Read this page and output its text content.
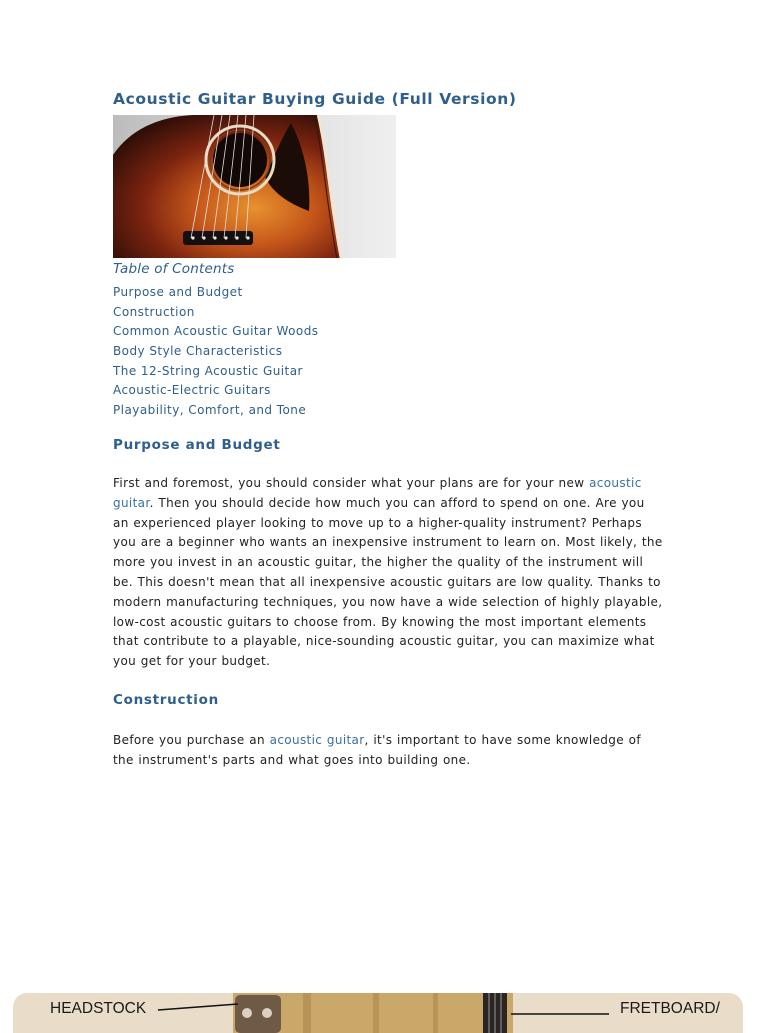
Acoustic Guitar Buying Guide (Full Version)
Table of Contents
Purpose and Budget
Construction
Common Acoustic Guitar Woods
Body Style Characteristics
The 12-String Acoustic Guitar
Acoustic-Electric Guitars
Playability, Comfort, and Tone
Purpose and Budget

First and foremost, you should consider what your plans are for your new acoustic
guitar. Then you should decide how much you can afford to spend on one. Are you
an experienced player looking to move up to a higher-quality instrument? Perhaps
you are a beginner who wants an inexpensive instrument to learn on. Most likely, the
more you invest in an acoustic guitar, the higher the quality of the instrument will
be. This doesn't mean that all inexpensive acoustic guitars are low quality. Thanks to
modern manufacturing techniques, you now have a wide selection of highly playable,
low-cost acoustic guitars to choose from. By knowing the most important elements
that contribute to a playable, nice-sounding acoustic guitar, you can maximize what
you get for your budget.

Construction

Before you purchase an acoustic guitar, it's important to have some knowledge of
the instrument's parts and what goes into building one.

HEADSTOCK	FRETBOARD/
